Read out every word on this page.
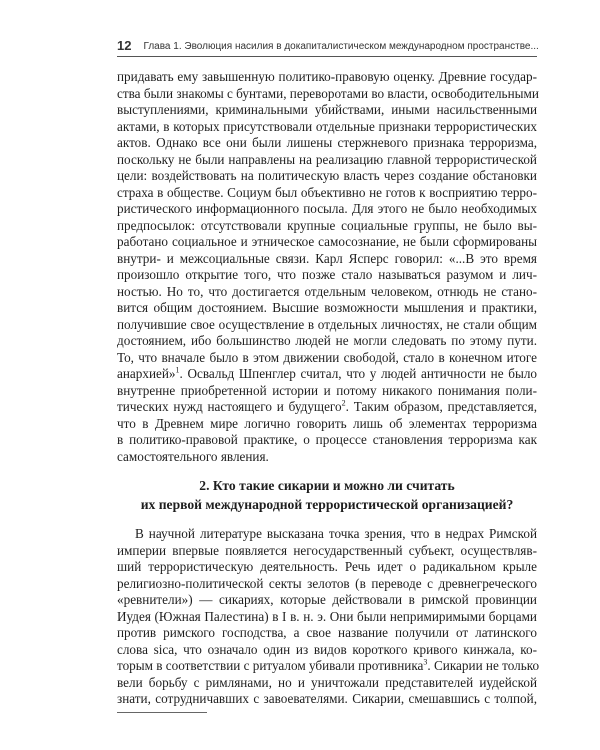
12 Глава 1. Эволюция насилия в докапиталистическом международном пространстве...
придавать ему завышенную политико-правовую оценку. Древние государ-
ства были знакомы с бунтами, переворотами во власти, освободительными
выступлениями, криминальными убийствами, иными насильственными
актами, в которых присутствовали отдельные признаки террористических
актов. Однако все они были лишены стержневого признака терроризма,
поскольку не были направлены на реализацию главной террористической
цели: воздействовать на политическую власть через создание обстановки
страха в обществе. Социум был объективно не готов к восприятию терро-
ристического информационного посыла. Для этого не было необходимых
предпосылок: отсутствовали крупные социальные группы, не было вы-
работано социальное и этническое самосознание, не были сформированы
внутри- и межсоциальные связи. Карл Ясперс говорил: «...В это время
произошло открытие того, что позже стало называться разумом и лич-
ностью. Но то, что достигается отдельным человеком, отнюдь не стано-
вится общим достоянием. Высшие возможности мышления и практики,
получившие свое осуществление в отдельных личностях, не стали общим
достоянием, ибо большинство людей не могли следовать по этому пути.
То, что вначале было в этом движении свободой, стало в конечном итоге
анархией»$^1$. Освальд Шпенглер считал, что у людей античности не было
внутренне приобретенной истории и потому никакого понимания поли-
тических нужд настоящего и будущего$^2$. Таким образом, представляется,
что в Древнем мире логично говорить лишь об элементах терроризма
в политико-правовой практике, о процессе становления терроризма как
самостоятельного явления.
2. Кто такие сикарии и можно ли считать
их первой международной террористической организацией?
В научной литературе высказана точка зрения, что в недрах Римской
империи впервые появляется негосударственный субъект, осуществляв-
ший террористическую деятельность. Речь идет о радикальном крыле
религиозно-политической секты зелотов (в переводе с древнегреческого
«ревнители») — сикариях, которые действовали в римской провинции
Иудея (Южная Палестина) в I в. н. э. Они были непримиримыми борцами
против римского господства, а свое название получили от латинского
слова sica, что означало один из видов короткого кривого кинжала, ко-
торым в соответствии с ритуалом убивали противника$^3$. Сикарии не только
вели борьбу с римлянами, но и уничтожали представителей иудейской
знати, сотрудничавших с завоевателями. Сикарии, смешавшись с толпой,
